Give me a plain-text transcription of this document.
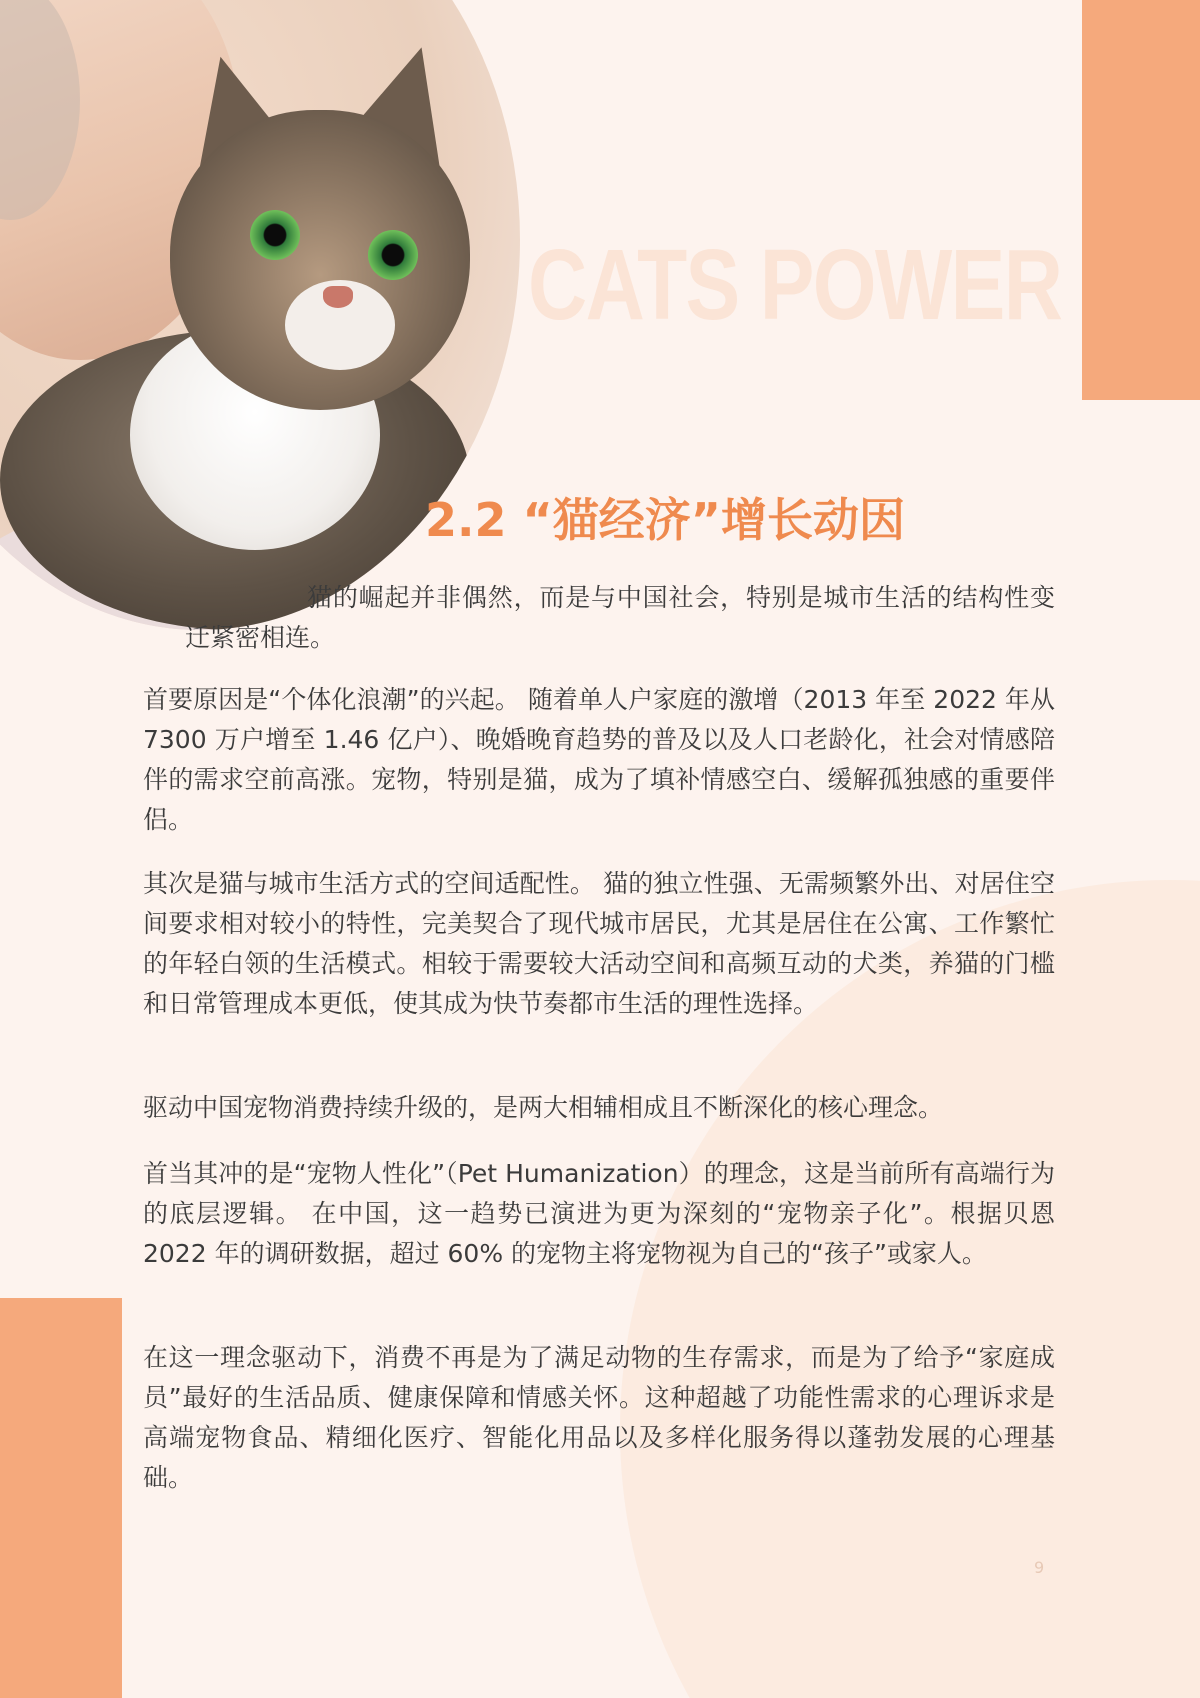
CATS POWER
2.2 “猫经济”增长动因

猫的崛起并非偶然，而是与中国社会，特别是城市生活的结构性变迁紧密相连。

首要原因是“个体化浪潮”的兴起。 随着单人户家庭的激增（2013 年至 2022 年从 7300 万户增至 1.46 亿户）、晚婚晚育趋势的普及以及人口老龄化，社会对情感陪伴的需求空前高涨。宠物，特别是猫，成为了填补情感空白、缓解孤独感的重要伴侣。

其次是猫与城市生活方式的空间适配性。 猫的独立性强、无需频繁外出、对居住空间要求相对较小的特性，完美契合了现代城市居民，尤其是居住在公寓、工作繁忙的年轻白领的生活模式。相较于需要较大活动空间和高频互动的犬类，养猫的门槛和日常管理成本更低，使其成为快节奏都市生活的理性选择。

驱动中国宠物消费持续升级的，是两大相辅相成且不断深化的核心理念。

首当其冲的是“宠物人性化”（Pet Humanization）的理念，这是当前所有高端行为的底层逻辑。 在中国，这一趋势已演进为更为深刻的“宠物亲子化”。根据贝恩 2022 年的调研数据，超过 60% 的宠物主将宠物视为自己的“孩子”或家人。

在这一理念驱动下，消费不再是为了满足动物的生存需求，而是为了给予“家庭成员”最好的生活品质、健康保障和情感关怀。这种超越了功能性需求的心理诉求是高端宠物食品、精细化医疗、智能化用品以及多样化服务得以蓬勃发展的心理基础。

9
